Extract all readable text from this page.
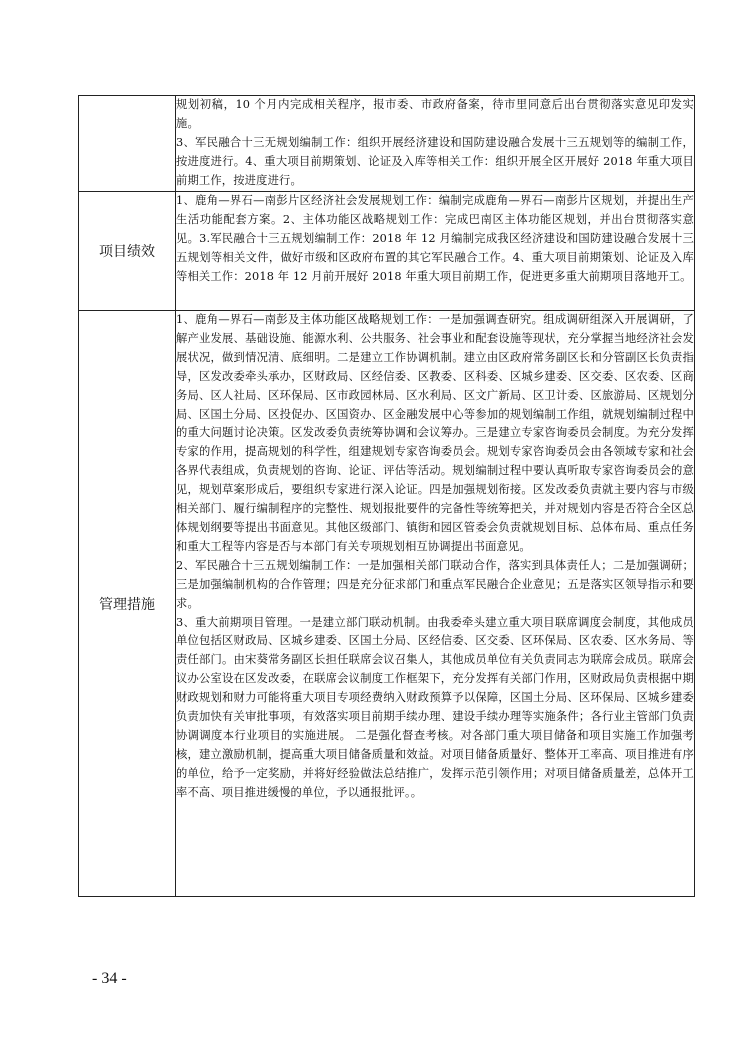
	规划初稿，10 个月内完成相关程序，报市委、市政府备案，待市里同意后出台贯彻落实意见印发实施。

3、军民融合十三无规划编制工作：组织开展经济建设和国防建设融合发展十三五规划等的编制工作，按进度进行。4、重大项目前期策划、论证及入库等相关工作：组织开展全区开展好 2018 年重大项目前期工作，按进度进行。

项目绩效	1、鹿角—界石—南彭片区经济社会发展规划工作：编制完成鹿角—界石—南彭片区规划，并提出生产生活功能配套方案。2、主体功能区战略规划工作：完成巴南区主体功能区规划，并出台贯彻落实意见。3.军民融合十三五规划编制工作：2018 年 12 月编制完成我区经济建设和国防建设融合发展十三五规划等相关文件，做好市级和区政府布置的其它军民融合工作。4、重大项目前期策划、论证及入库等相关工作：2018 年 12 月前开展好 2018 年重大项目前期工作，促进更多重大前期项目落地开工。

管理措施	1、鹿角—界石—南彭及主体功能区战略规划工作：一是加强调查研究。组成调研组深入开展调研，了解产业发展、基础设施、能源水利、公共服务、社会事业和配套设施等现状，充分掌握当地经济社会发展状况，做到情况清、底细明。二是建立工作协调机制。建立由区政府常务副区长和分管副区长负责指导，区发改委牵头承办，区财政局、区经信委、区教委、区科委、区城乡建委、区交委、区农委、区商务局、区人社局、区环保局、区市政园林局、区水利局、区文广新局、区卫计委、区旅游局、区规划分局、区国土分局、区投促办、区国资办、区金融发展中心等参加的规划编制工作组，就规划编制过程中的重大问题讨论决策。区发改委负责统筹协调和会议筹办。三是建立专家咨询委员会制度。为充分发挥专家的作用，提高规划的科学性，组建规划专家咨询委员会。规划专家咨询委员会由各领域专家和社会各界代表组成，负责规划的咨询、论证、评估等活动。规划编制过程中要认真听取专家咨询委员会的意见，规划草案形成后，要组织专家进行深入论证。四是加强规划衔接。区发改委负责就主要内容与市级相关部门、履行编制程序的完整性、规划报批要件的完备性等统筹把关，并对规划内容是否符合全区总体规划纲要等提出书面意见。其他区级部门、镇街和园区管委会负责就规划目标、总体布局、重点任务和重大工程等内容是否与本部门有关专项规划相互协调提出书面意见。

2、军民融合十三五规划编制工作：一是加强相关部门联动合作，落实到具体责任人；二是加强调研；三是加强编制机构的合作管理；四是充分征求部门和重点军民融合企业意见；五是落实区领导指示和要求。

3、重大前期项目管理。一是建立部门联动机制。由我委牵头建立重大项目联席调度会制度，其他成员单位包括区财政局、区城乡建委、区国土分局、区经信委、区交委、区环保局、区农委、区水务局、等责任部门。由宋葵常务副区长担任联席会议召集人，其他成员单位有关负责同志为联席会成员。联席会议办公室设在区发改委，在联席会议制度工作框架下，充分发挥有关部门作用，区财政局负责根据中期财政规划和财力可能将重大项目专项经费纳入财政预算予以保障，区国土分局、区环保局、区城乡建委负责加快有关审批事项，有效落实项目前期手续办理、建设手续办理等实施条件；各行业主管部门负责协调调度本行业项目的实施进展。 二是强化督查考核。对各部门重大项目储备和项目实施工作加强考核，建立激励机制，提高重大项目储备质量和效益。对项目储备质量好、整体开工率高、项目推进有序的单位，给予一定奖励，并将好经验做法总结推广，发挥示范引领作用；对项目储备质量差，总体开工率不高、项目推进缓慢的单位，予以通报批评。。

- 34 -
